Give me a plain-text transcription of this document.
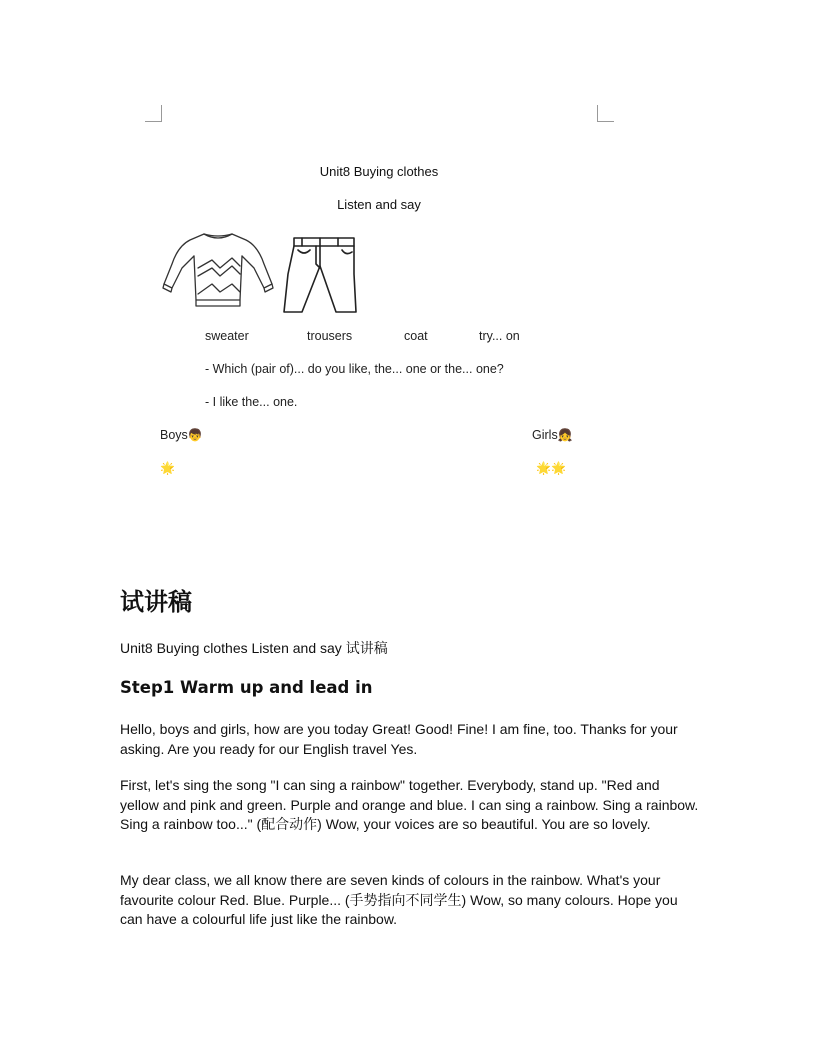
Unit8 Buying clothes
Listen and say
sweater	trousers	coat	try... on
- Which (pair of)... do you like, the... one or the... one?
- I like the... one.
Boys👦	Girls👧
🌟	🌟🌟
试讲稿
Unit8 Buying clothes Listen and say 试讲稿
Step1 Warm up and lead in
Hello, boys and girls, how are you today Great! Good! Fine! I am fine, too. Thanks for your asking. Are you ready for our English travel Yes.
First, let's sing the song "I can sing a rainbow" together. Everybody, stand up. "Red and yellow and pink and green. Purple and orange and blue. I can sing a rainbow. Sing a rainbow. Sing a rainbow too..." (配合动作) Wow, your voices are so beautiful. You are so lovely.
My dear class, we all know there are seven kinds of colours in the rainbow. What's your favourite colour Red. Blue. Purple... (手势指向不同学生) Wow, so many colours. Hope you can have a colourful life just like the rainbow.
